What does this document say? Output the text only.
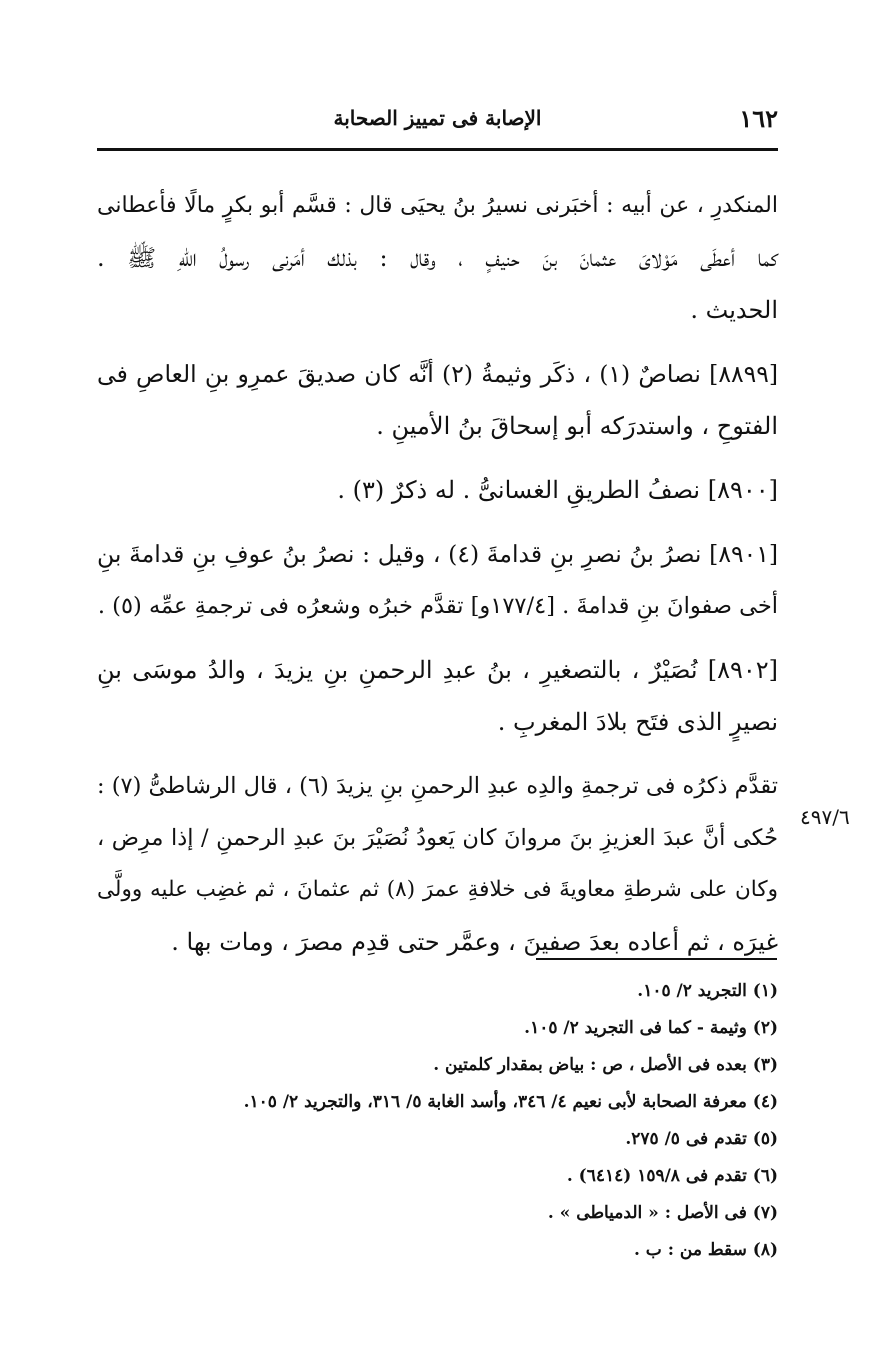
١٦٢
الإصابة فى تمييز الصحابة
المنكدرِ ، عن أبيه : أخبَرنى نسيرُ بنُ يحيَى قال : قسَّم أبو بكرٍ مالًا فأعطانى
كما أعطَى مَوْلاىَ عثمانَ بنَ حنيفٍ ، وقال : بذلك أمَرنى رسولُ اللهِ ﷺ .
الحديث .
[٨٨٩٩] نصاصٌ (١) ، ذكَر وثيمةُ (٢) أنَّه كان صديقَ عمرِو بنِ العاصِ فى
الفتوحِ ، واستدرَكه أبو إسحاقَ بنُ الأمينِ .
[٨٩٠٠] نصفُ الطريقِ الغسانىُّ . له ذكرٌ (٣) .
[٨٩٠١] نصرُ بنُ نصرِ بنِ قدامةَ (٤) ، وقيل : نصرُ بنُ عوفِ بنِ قدامةَ بنِ
أخى صفوانَ بنِ قدامةَ . [١٧٧/٤و] تقدَّم خبرُه وشعرُه فى ترجمةِ عمِّه (٥) .
[٨٩٠٢] نُصَيْرٌ ، بالتصغيرِ ، بنُ عبدِ الرحمنِ بنِ يزيدَ ، والدُ موسَى بنِ
نصيرٍ الذى فتَح بلادَ المغربِ .
تقدَّم ذكرُه فى ترجمةِ والدِه عبدِ الرحمنِ بنِ يزيدَ (٦) ، قال الرشاطىُّ (٧) :
حُكى أنَّ عبدَ العزيزِ بنَ مروانَ كان يَعودُ نُصَيْرَ بنَ عبدِ الرحمنِ / إذا مرِض ،
وكان على شرطةِ معاويةَ فى خلافةِ عمرَ (٨) ثم عثمانَ ، ثم غضِب عليه وولَّى
غيرَه ، ثم أعاده بعدَ صفينَ ، وعمَّر حتى قدِم مصرَ ، ومات بها .
٤٩٧/٦
(١) التجريد ٢/ ١٠٥.
(٢) وثيمة - كما فى التجريد ٢/ ١٠٥.
(٣) بعده فى الأصل ، ص : بياض بمقدار كلمتين .
(٤) معرفة الصحابة لأبى نعيم ٤/ ٣٤٦، وأسد الغابة ٥/ ٣١٦، والتجريد ٢/ ١٠٥.
(٥) تقدم فى ٥/ ٢٧٥.
(٦) تقدم فى ١٥٩/٨ (٦٤١٤) .
(٧) فى الأصل : « الدمياطى » .
(٨) سقط من : ب .
